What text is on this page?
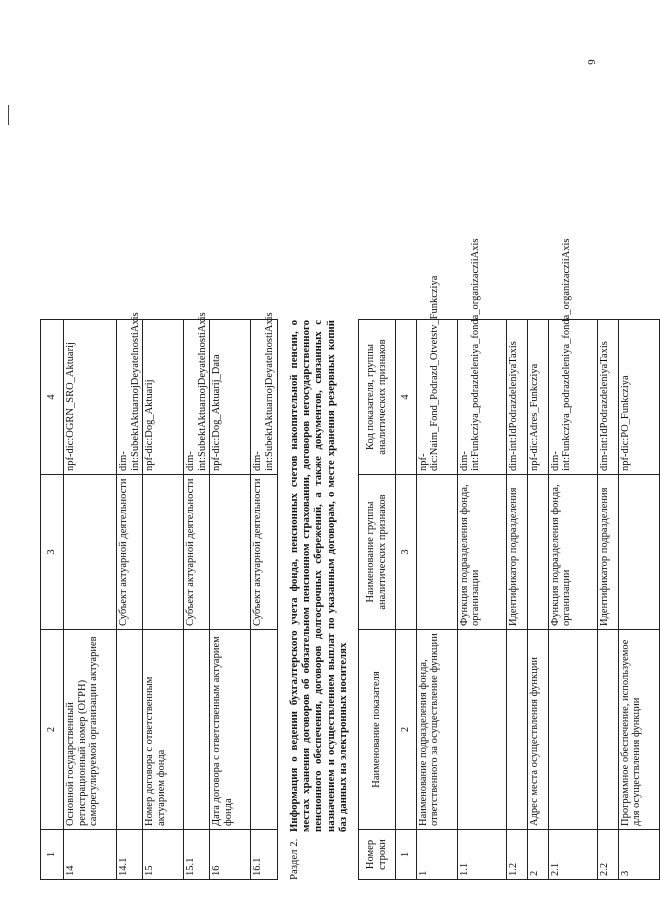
6
1	2	3	4
14	Основной государственный регистрационный номер (ОГРН) саморегулируемой организации актуариев		npf-dic:OGRN_SRO_Aktuarij
14.1		Субъект актуарной деятельности	dim-int:SubektAktuarnojDeyatelnostiAxis
15	Номер договора с ответственным актуарием фонда		npf-dic:Dog_Aktuarij
15.1		Субъект актуарной деятельности	dim-int:SubektAktuarnojDeyatelnostiAxis
16	Дата договора с ответственным актуарием фонда		npf-dic:Dog_Aktuarij_Data
16.1		Субъект актуарной деятельности	dim-int:SubektAktuarnojDeyatelnostiAxis
Раздел 2.
Информация о ведении бухгалтерского учета фонда, пенсионных счетов накопительной пенсии, о местах хранения договоров об обязательном пенсионном страховании, договоров негосударственного пенсионного обеспечения, договоров долгосрочных сбережений, а также документов, связанных с назначением и осуществлением выплат по указанным договорам, о месте хранения резервных копий баз данных на электронных носителях
Номер строки	Наименование показателя	Наименование группы аналитических признаков	Код показателя, группы аналитических признаков
1	2	3	4
1	Наименование подразделения фонда, ответственного за осуществление функции		npf-dic:Naim_Fond_Podrazd_Otvetstv_Funkcziya
1.1		Функция подразделения фонда, организации	dim-int:Funkcziya_podrazdeleniya_fonda_organizacziiAxis
1.2		Идентификатор подразделения	dim-int:IdPodrazdeleniyaTaxis
2	Адрес места осуществления функции		npf-dic:Adres_Funkcziya
2.1		Функция подразделения фонда, организации	dim-int:Funkcziya_podrazdeleniya_fonda_organizacziiAxis
2.2		Идентификатор подразделения	dim-int:IdPodrazdeleniyaTaxis
3	Программное обеспечение, используемое для осуществления функции		npf-dic:PO_Funkcziya
